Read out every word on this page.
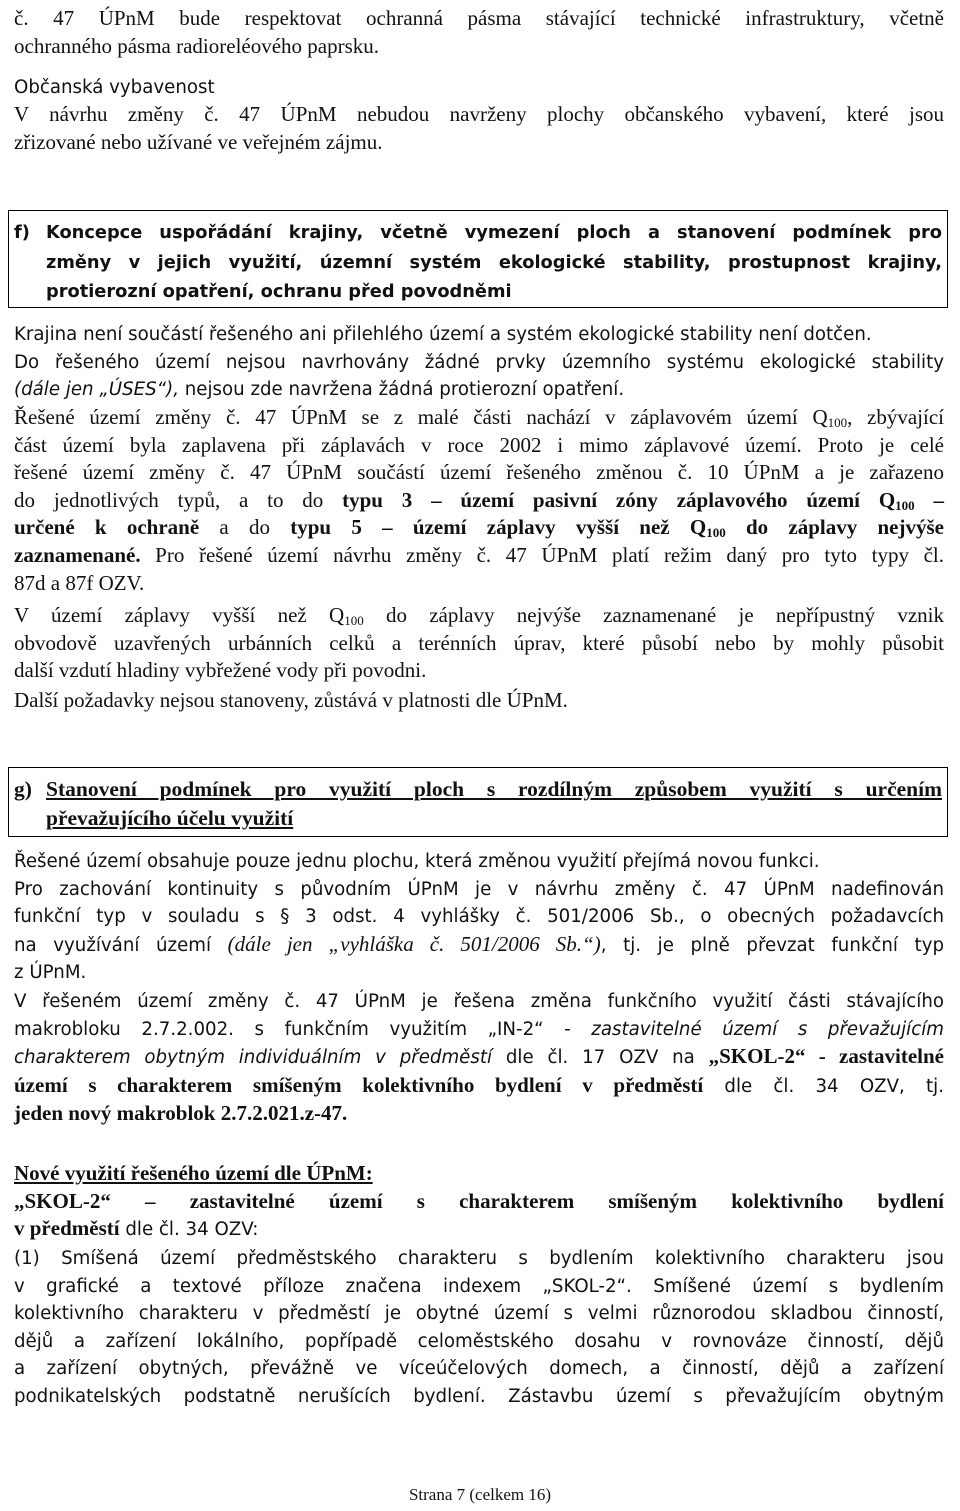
č. 47 ÚPnM bude respektovat ochranná pásma stávající technické infrastruktury, včetně

ochranného pásma radioreléového paprsku.

Občanská vybavenost

V návrhu změny č. 47 ÚPnM nebudou navrženy plochy občanského vybavení, které jsou

zřizované nebo užívané ve veřejném zájmu.

f) Koncepce uspořádání krajiny, včetně vymezení ploch a stanovení podmínek pro
změny v jejich využití, územní systém ekologické stability, prostupnost krajiny,
protierozní opatření, ochranu před povodněmi

Krajina není součástí řešeného ani přilehlého území a systém ekologické stability není dotčen.

Do řešeného území nejsou navrhovány žádné prvky územního systému ekologické stability

(dále jen „ÚSES“), nejsou zde navržena žádná protierozní opatření.

Řešené území změny č. 47 ÚPnM se z malé části nachází v záplavovém území $Q_{100}$, zbývající

část území byla zaplavena při záplavách v roce 2002 i mimo záplavové území. Proto je celé

řešené území změny č. 47 ÚPnM součástí území řešeného změnou č. 10 ÚPnM a je zařazeno

do jednotlivých typů, a to do typu 3 – území pasivní zóny záplavového území $Q_{100}$ –

určené k ochraně a do typu 5 – území záplavy vyšší než $Q_{100}$ do záplavy nejvýše

zaznamenané. Pro řešené území návrhu změny č. 47 ÚPnM platí režim daný pro tyto typy čl.

87d a 87f OZV.

V území záplavy vyšší než $Q_{100}$ do záplavy nejvýše zaznamenané je nepřípustný vznik

obvodově uzavřených urbánních celků a terénních úprav, které působí nebo by mohly působit

další vzdutí hladiny vybřežené vody při povodni.

Další požadavky nejsou stanoveny, zůstává v platnosti dle ÚPnM.

g) Stanovení podmínek pro využití ploch s rozdílným způsobem využití s určením
převažujícího účelu využití

Řešené území obsahuje pouze jednu plochu, která změnou využití přejímá novou funkci.

Pro zachování kontinuity s původním ÚPnM je v návrhu změny č. 47 ÚPnM nadefinován

funkční typ v souladu s § 3 odst. 4 vyhlášky č. 501/2006 Sb., o obecných požadavcích

na využívání území (dále jen „vyhláška č. 501/2006 Sb.“), tj. je plně převzat funkční typ

z ÚPnM.

V řešeném území změny č. 47 ÚPnM je řešena změna funkčního využití části stávajícího

makrobloku 2.7.2.002. s funkčním využitím „IN-2“ - zastavitelné území s převažujícím

charakterem obytným individuálním v předměstí dle čl. 17 OZV na „SKOL-2“ - zastavitelné

území s charakterem smíšeným kolektivního bydlení v předměstí dle čl. 34 OZV, tj.

jeden nový makroblok 2.7.2.021.z-47.

Nové využití řešeného území dle ÚPnM:

„SKOL-2“ – zastavitelné území s charakterem smíšeným kolektivního bydlení

v předměstí dle čl. 34 OZV:

(1) Smíšená území předměstského charakteru s bydlením kolektivního charakteru jsou

v grafické a textové příloze značena indexem „SKOL-2“. Smíšené území s bydlením

kolektivního charakteru v předměstí je obytné území s velmi různorodou skladbou činností,

dějů a zařízení lokálního, popřípadě celoměstského dosahu v rovnováze činností, dějů

a zařízení obytných, převážně ve víceúčelových domech, a činností, dějů a zařízení

podnikatelských podstatně nerušících bydlení. Zástavbu území s převažujícím obytným

Strana 7 (celkem 16)
